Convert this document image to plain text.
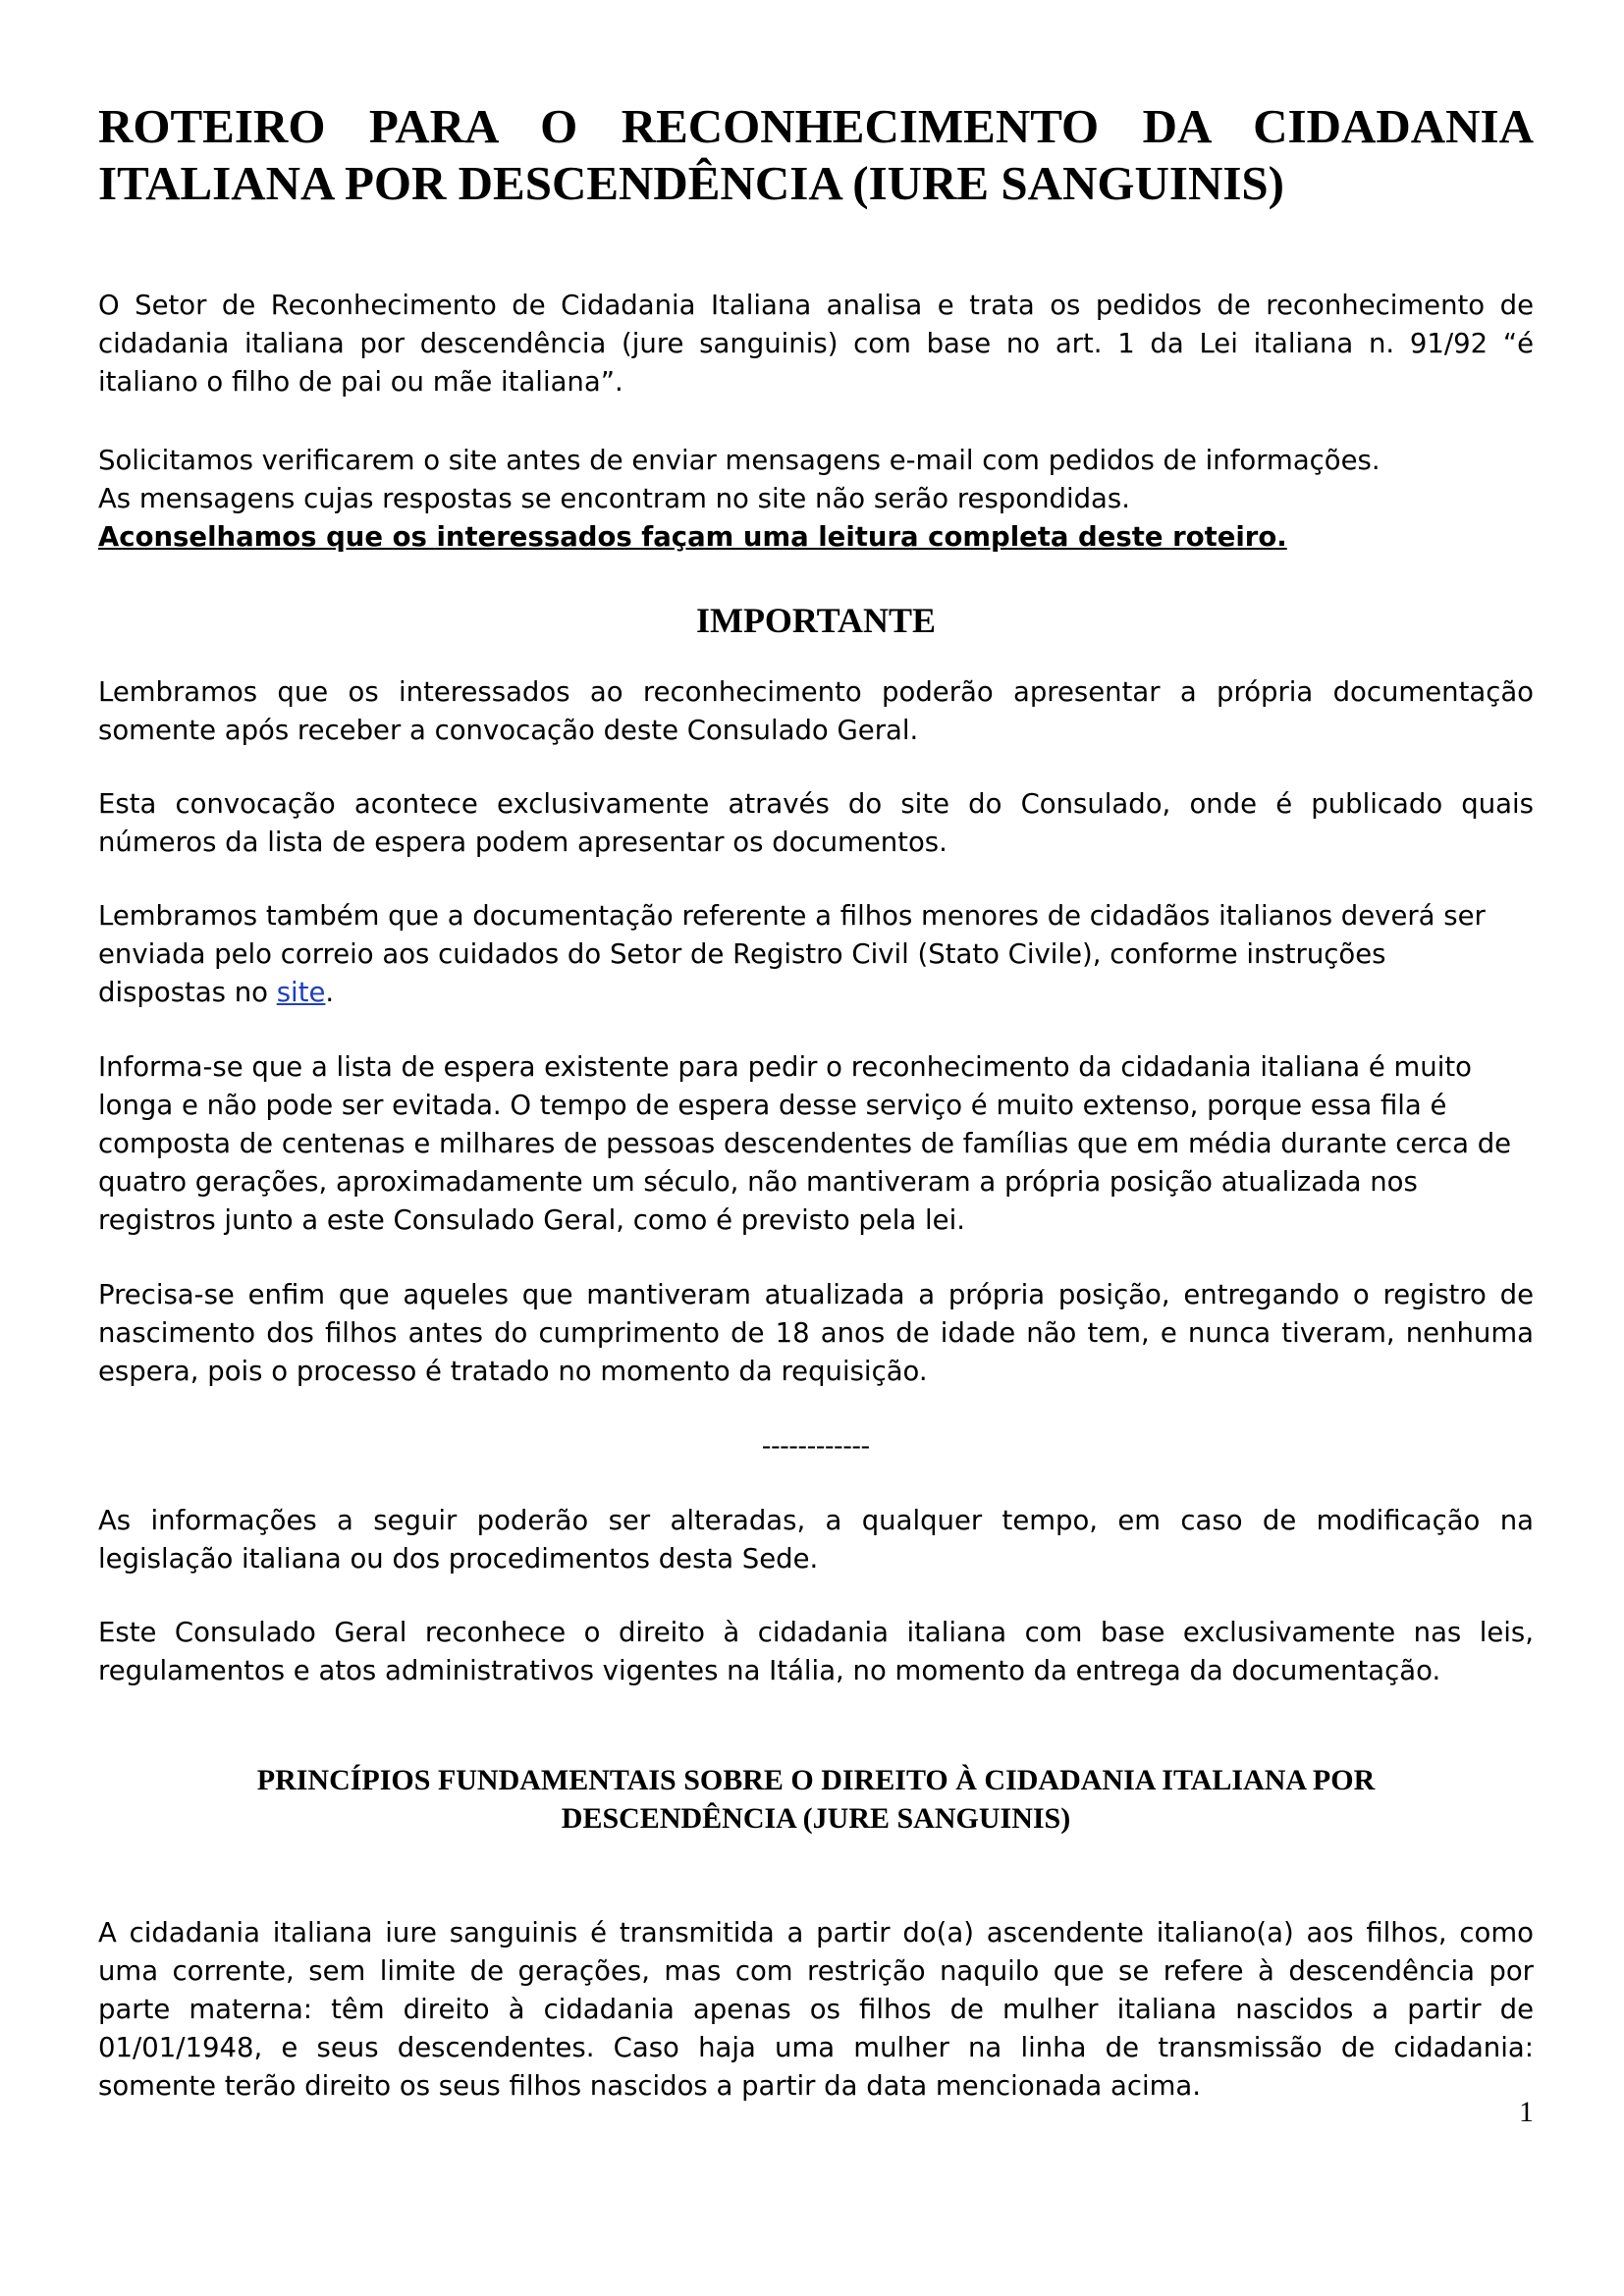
ROTEIRO PARA O RECONHECIMENTO DA CIDADANIA
ITALIANA POR DESCENDÊNCIA (IURE SANGUINIS)

O Setor de Reconhecimento de Cidadania Italiana analisa e trata os pedidos de reconhecimento de
cidadania italiana por descendência (jure sanguinis) com base no art. 1 da Lei italiana n. 91/92 “é
italiano o filho de pai ou mãe italiana”.

Solicitamos verificarem o site antes de enviar mensagens e-mail com pedidos de informações.
As mensagens cujas respostas se encontram no site não serão respondidas.
Aconselhamos que os interessados façam uma leitura completa deste roteiro.

IMPORTANTE

Lembramos que os interessados ao reconhecimento poderão apresentar a própria documentação
somente após receber a convocação deste Consulado Geral.

Esta convocação acontece exclusivamente através do site do Consulado, onde é publicado quais
números da lista de espera podem apresentar os documentos.

Lembramos também que a documentação referente a filhos menores de cidadãos italianos deverá ser
enviada pelo correio aos cuidados do Setor de Registro Civil (Stato Civile), conforme instruções
dispostas no site.

Informa-se que a lista de espera existente para pedir o reconhecimento da cidadania italiana é muito
longa e não pode ser evitada. O tempo de espera desse serviço é muito extenso, porque essa fila é
composta de centenas e milhares de pessoas descendentes de famílias que em média durante cerca de
quatro gerações, aproximadamente um século, não mantiveram a própria posição atualizada nos
registros junto a este Consulado Geral, como é previsto pela lei.

Precisa-se enfim que aqueles que mantiveram atualizada a própria posição, entregando o registro de
nascimento dos filhos antes do cumprimento de 18 anos de idade não tem, e nunca tiveram, nenhuma
espera, pois o processo é tratado no momento da requisição.

------------

As informações a seguir poderão ser alteradas, a qualquer tempo, em caso de modificação na
legislação italiana ou dos procedimentos desta Sede.

Este Consulado Geral reconhece o direito à cidadania italiana com base exclusivamente nas leis,
regulamentos e atos administrativos vigentes na Itália, no momento da entrega da documentação.

PRINCÍPIOS FUNDAMENTAIS SOBRE O DIREITO À CIDADANIA ITALIANA POR
DESCENDÊNCIA (JURE SANGUINIS)

A cidadania italiana iure sanguinis é transmitida a partir do(a) ascendente italiano(a) aos filhos, como
uma corrente, sem limite de gerações, mas com restrição naquilo que se refere à descendência por
parte materna: têm direito à cidadania apenas os filhos de mulher italiana nascidos a partir de
01/01/1948, e seus descendentes. Caso haja uma mulher na linha de transmissão de cidadania:
somente terão direito os seus filhos nascidos a partir da data mencionada acima.

1
